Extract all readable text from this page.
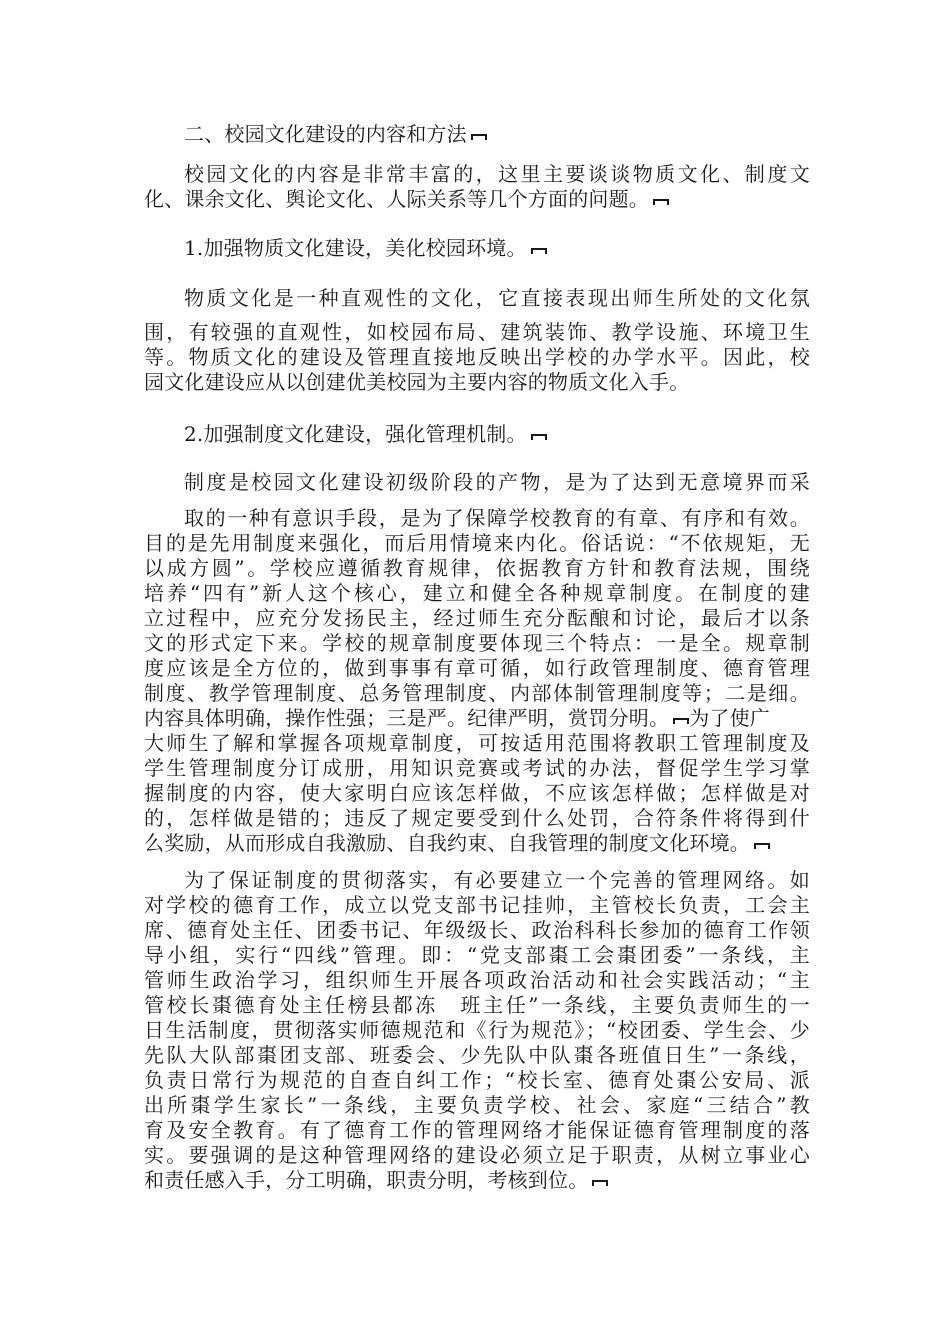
二、校园文化建设的内容和方法
校园文化的内容是非常丰富的，这里主要谈谈物质文化、制度文
化、课余文化、舆论文化、人际关系等几个方面的问题。
1.加强物质文化建设，美化校园环境。
物质文化是一种直观性的文化，它直接表现出师生所处的文化氛
围，有较强的直观性，如校园布局、建筑装饰、教学设施、环境卫生
等。物质文化的建设及管理直接地反映出学校的办学水平。因此，校
园文化建设应从以创建优美校园为主要内容的物质文化入手。
2.加强制度文化建设，强化管理机制。
制度是校园文化建设初级阶段的产物，是为了达到无意境界而采
取的一种有意识手段，是为了保障学校教育的有章、有序和有效。
目的是先用制度来强化，而后用情境来内化。俗话说：“不依规矩，无
以成方圆”。学校应遵循教育规律，依据教育方针和教育法规，围绕
培养“四有”新人这个核心，建立和健全各种规章制度。在制度的建
立过程中，应充分发扬民主，经过师生充分酝酿和讨论，最后才以条
文的形式定下来。学校的规章制度要体现三个特点：一是全。规章制
度应该是全方位的，做到事事有章可循，如行政管理制度、德育管理
制度、教学管理制度、总务管理制度、内部体制管理制度等；二是细。
内容具体明确，操作性强；三是严。纪律严明，赏罚分明。 为了使广
大师生了解和掌握各项规章制度，可按适用范围将教职工管理制度及
学生管理制度分订成册，用知识竞赛或考试的办法，督促学生学习掌
握制度的内容，使大家明白应该怎样做，不应该怎样做；怎样做是对
的，怎样做是错的；违反了规定要受到什么处罚，合符条件将得到什
么奖励，从而形成自我激励、自我约束、自我管理的制度文化环境。
为了保证制度的贯彻落实，有必要建立一个完善的管理网络。如
对学校的德育工作，成立以党支部书记挂帅，主管校长负责，工会主
席、德育处主任、团委书记、年级级长、政治科科长参加的德育工作领
导小组，实行“四线”管理。即：“党支部棗工会棗团委”一条线，主
管师生政治学习，组织师生开展各项政治活动和社会实践活动；“主
管校长棗德育处主任榜县都冻　班主任”一条线，主要负责师生的一
日生活制度，贯彻落实师德规范和《行为规范》；“校团委、学生会、少
先队大队部棗团支部、班委会、少先队中队棗各班值日生”一条线，
负责日常行为规范的自查自纠工作；“校长室、德育处棗公安局、派
出所棗学生家长”一条线，主要负责学校、社会、家庭“三结合”教
育及安全教育。有了德育工作的管理网络才能保证德育管理制度的落
实。要强调的是这种管理网络的建设必须立足于职责，从树立事业心
和责任感入手，分工明确，职责分明，考核到位。
